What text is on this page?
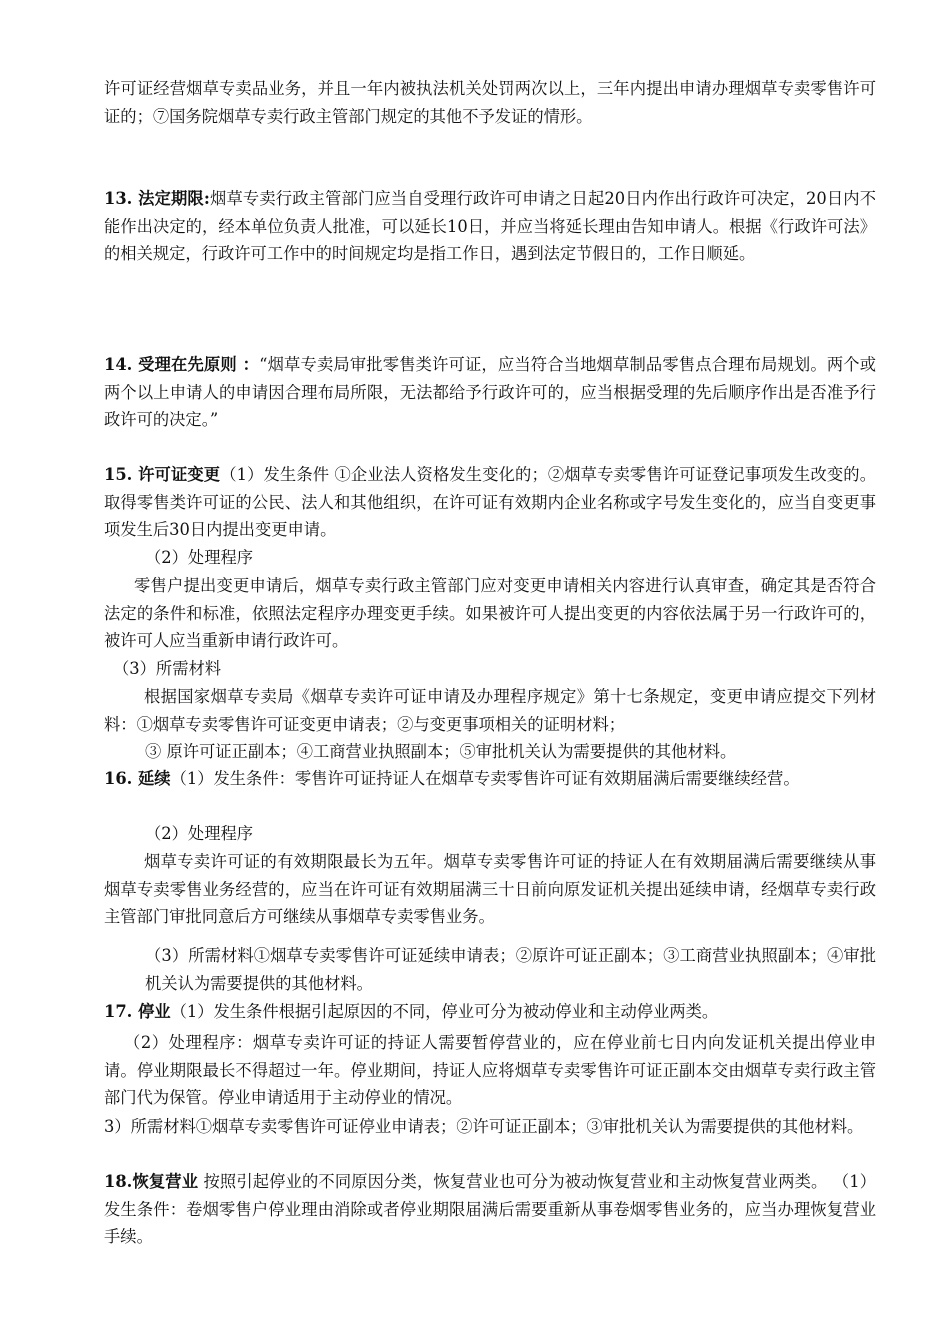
许可证经营烟草专卖品业务，并且一年内被执法机关处罚两次以上，三年内提出申请办理烟草专卖零售许可证的；⑦国务院烟草专卖行政主管部门规定的其他不予发证的情形。

13. 法定期限:烟草专卖行政主管部门应当自受理行政许可申请之日起20日内作出行政许可决定，20日内不能作出决定的，经本单位负责人批准，可以延长10日，并应当将延长理由告知申请人。根据《行政许可法》的相关规定，行政许可工作中的时间规定均是指工作日，遇到法定节假日的，工作日顺延。

14. 受理在先原则 ：“烟草专卖局审批零售类许可证，应当符合当地烟草制品零售点合理布局规划。两个或两个以上申请人的申请因合理布局所限，无法都给予行政许可的，应当根据受理的先后顺序作出是否准予行政许可的决定。”

15. 许可证变更（1）发生条件 ①企业法人资格发生变化的；②烟草专卖零售许可证登记事项发生改变的。取得零售类许可证的公民、法人和其他组织，在许可证有效期内企业名称或字号发生变化的，应当自变更事项发生后30日内提出变更申请。

（2）处理程序

零售户提出变更申请后，烟草专卖行政主管部门应对变更申请相关内容进行认真审查，确定其是否符合法定的条件和标准，依照法定程序办理变更手续。如果被许可人提出变更的内容依法属于另一行政许可的，被许可人应当重新申请行政许可。

（3）所需材料

根据国家烟草专卖局《烟草专卖许可证申请及办理程序规定》第十七条规定，变更申请应提交下列材料：①烟草专卖零售许可证变更申请表；②与变更事项相关的证明材料；

③ 原许可证正副本；④工商营业执照副本；⑤审批机关认为需要提供的其他材料。

16. 延续（1）发生条件：零售许可证持证人在烟草专卖零售许可证有效期届满后需要继续经营。

（2）处理程序

烟草专卖许可证的有效期限最长为五年。烟草专卖零售许可证的持证人在有效期届满后需要继续从事烟草专卖零售业务经营的，应当在许可证有效期届满三十日前向原发证机关提出延续申请，经烟草专卖行政主管部门审批同意后方可继续从事烟草专卖零售业务。

（3）所需材料①烟草专卖零售许可证延续申请表；②原许可证正副本；③工商营业执照副本；④审批机关认为需要提供的其他材料。

17. 停业（1）发生条件根据引起原因的不同，停业可分为被动停业和主动停业两类。

（2）处理程序：烟草专卖许可证的持证人需要暂停营业的，应在停业前七日内向发证机关提出停业申请。停业期限最长不得超过一年。停业期间，持证人应将烟草专卖零售许可证正副本交由烟草专卖行政主管部门代为保管。停业申请适用于主动停业的情况。

3）所需材料①烟草专卖零售许可证停业申请表；②许可证正副本；③审批机关认为需要提供的其他材料。

18.恢复营业 按照引起停业的不同原因分类，恢复营业也可分为被动恢复营业和主动恢复营业两类。 （1）发生条件：卷烟零售户停业理由消除或者停业期限届满后需要重新从事卷烟零售业务的，应当办理恢复营业手续。
